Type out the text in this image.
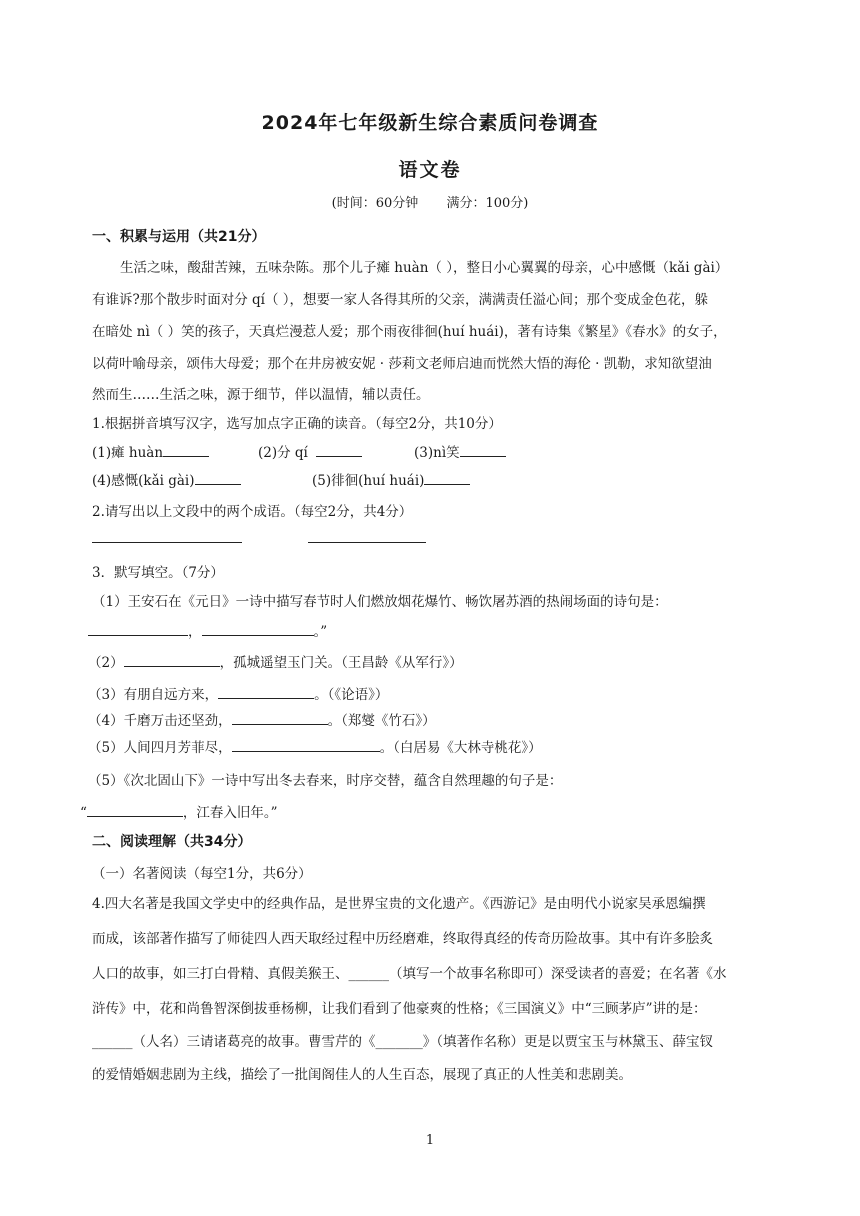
2024年七年级新生综合素质问卷调查
语文卷
(时间：60分钟 满分：100分)
一、积累与运用（共21分）
生活之味，酸甜苦辣，五味杂陈。那个儿子瘫 huàn（ ），整日小心翼翼的母亲，心中感慨（kǎi gài）
有谁诉?那个散步时面对分 qí（ ），想要一家人各得其所的父亲，满满责任溢心间；那个变成金色花，躲
在暗处 nì（ ）笑的孩子，天真烂漫惹人爱；那个雨夜徘徊(huí huái)，著有诗集《繁星》《春水》的女子，
以荷叶喻母亲，颂伟大母爱；那个在井房被安妮 · 莎莉文老师启迪而恍然大悟的海伦 · 凯勒，求知欲望油
然而生……生活之味，源于细节，伴以温情，辅以责任。
1.根据拼音填写汉字，选写加点字正确的读音。（每空2分，共10分）
(1)瘫 huàn	(2)分 qí	(3)nì笑
(4)感慨(kǎi gài)	(5)徘徊(huí huái)
2.请写出以上文段中的两个成语。（每空2分，共4分）

3．默写填空。（7分）
（1）王安石在《元日》一诗中描写春节时人们燃放烟花爆竹、畅饮屠苏酒的热闹场面的诗句是：
，	。”
（2）	，孤城遥望玉门关。（王昌龄《从军行》）
（3）有朋自远方来，	。（《论语》）
（4）千磨万击还坚劲，	。（郑燮《竹石》）
（5）人间四月芳菲尽，	。（白居易《大林寺桃花》）
（5）《次北固山下》一诗中写出冬去春来，时序交替，蕴含自然理趣的句子是：
“	，江春入旧年。”
二、阅读理解（共34分）
（一）名著阅读（每空1分，共6分）
4.四大名著是我国文学史中的经典作品，是世界宝贵的文化遗产。《西游记》是由明代小说家吴承恩编撰
而成，该部著作描写了师徒四人西天取经过程中历经磨难，终取得真经的传奇历险故事。其中有许多脍炙
人口的故事，如三打白骨精、真假美猴王、______（填写一个故事名称即可）深受读者的喜爱；在名著《水
浒传》中，花和尚鲁智深倒拔垂杨柳，让我们看到了他豪爽的性格；《三国演义》中“三顾茅庐”讲的是：
______（人名）三请诸葛亮的故事。曹雪芹的《_______》（填著作名称）更是以贾宝玉与林黛玉、薛宝钗
的爱情婚姻悲剧为主线，描绘了一批闺阁佳人的人生百态，展现了真正的人性美和悲剧美。
1
